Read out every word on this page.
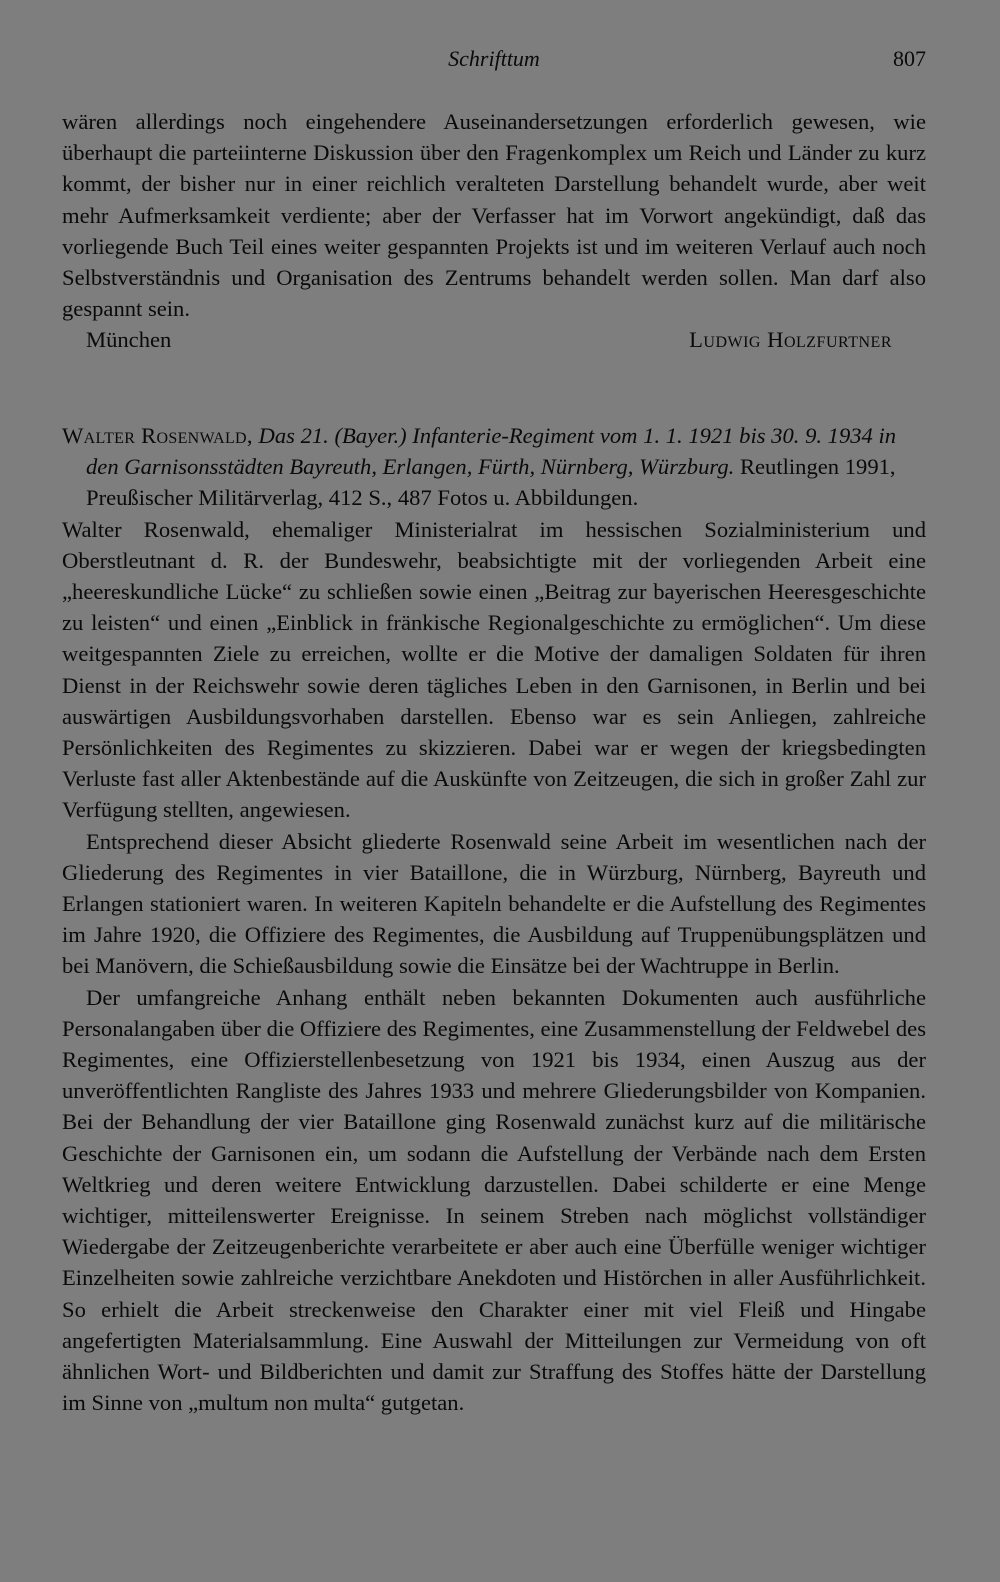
Schrifttum	807

wären allerdings noch eingehendere Auseinandersetzungen erforderlich gewesen, wie überhaupt die parteiinterne Diskussion über den Fragenkomplex um Reich und Länder zu kurz kommt, der bisher nur in einer reichlich veralteten Darstellung behandelt wurde, aber weit mehr Aufmerksamkeit verdiente; aber der Verfasser hat im Vorwort angekündigt, daß das vorliegende Buch Teil eines weiter gespannten Projekts ist und im weiteren Verlauf auch noch Selbstverständnis und Organisation des Zentrums behandelt werden sollen. Man darf also gespannt sein.

München	Ludwig Holzfurtner

Walter Rosenwald, Das 21. (Bayer.) Infanterie-Regiment vom 1. 1. 1921 bis 30. 9. 1934 in den Garnisonsstädten Bayreuth, Erlangen, Fürth, Nürnberg, Würzburg. Reutlingen 1991, Preußischer Militärverlag, 412 S., 487 Fotos u. Abbildungen.

Walter Rosenwald, ehemaliger Ministerialrat im hessischen Sozialministerium und Oberstleutnant d. R. der Bundeswehr, beabsichtigte mit der vorliegenden Arbeit eine „heereskundliche Lücke“ zu schließen sowie einen „Beitrag zur bayerischen Heeresgeschichte zu leisten“ und einen „Einblick in fränkische Regionalgeschichte zu ermöglichen“. Um diese weitgespannten Ziele zu erreichen, wollte er die Motive der damaligen Soldaten für ihren Dienst in der Reichswehr sowie deren tägliches Leben in den Garnisonen, in Berlin und bei auswärtigen Ausbildungsvorhaben darstellen. Ebenso war es sein Anliegen, zahlreiche Persönlichkeiten des Regimentes zu skizzieren. Dabei war er wegen der kriegsbedingten Verluste fast aller Aktenbestände auf die Auskünfte von Zeitzeugen, die sich in großer Zahl zur Verfügung stellten, angewiesen.

Entsprechend dieser Absicht gliederte Rosenwald seine Arbeit im wesentlichen nach der Gliederung des Regimentes in vier Bataillone, die in Würzburg, Nürnberg, Bayreuth und Erlangen stationiert waren. In weiteren Kapiteln behandelte er die Aufstellung des Regimentes im Jahre 1920, die Offiziere des Regimentes, die Ausbildung auf Truppenübungsplätzen und bei Manövern, die Schießausbildung sowie die Einsätze bei der Wachtruppe in Berlin.

Der umfangreiche Anhang enthält neben bekannten Dokumenten auch ausführliche Personalangaben über die Offiziere des Regimentes, eine Zusammenstellung der Feldwebel des Regimentes, eine Offizierstellenbesetzung von 1921 bis 1934, einen Auszug aus der unveröffentlichten Rangliste des Jahres 1933 und mehrere Gliederungsbilder von Kompanien. Bei der Behandlung der vier Bataillone ging Rosenwald zunächst kurz auf die militärische Geschichte der Garnisonen ein, um sodann die Aufstellung der Verbände nach dem Ersten Weltkrieg und deren weitere Entwicklung darzustellen. Dabei schilderte er eine Menge wichtiger, mitteilenswerter Ereignisse. In seinem Streben nach möglichst vollständiger Wiedergabe der Zeitzeugenberichte verarbeitete er aber auch eine Überfülle weniger wichtiger Einzelheiten sowie zahlreiche verzichtbare Anekdoten und Histörchen in aller Ausführlichkeit. So erhielt die Arbeit streckenweise den Charakter einer mit viel Fleiß und Hingabe angefertigten Materialsammlung. Eine Auswahl der Mitteilungen zur Vermeidung von oft ähnlichen Wort- und Bildberichten und damit zur Straffung des Stoffes hätte der Darstellung im Sinne von „multum non multa“ gutgetan.
